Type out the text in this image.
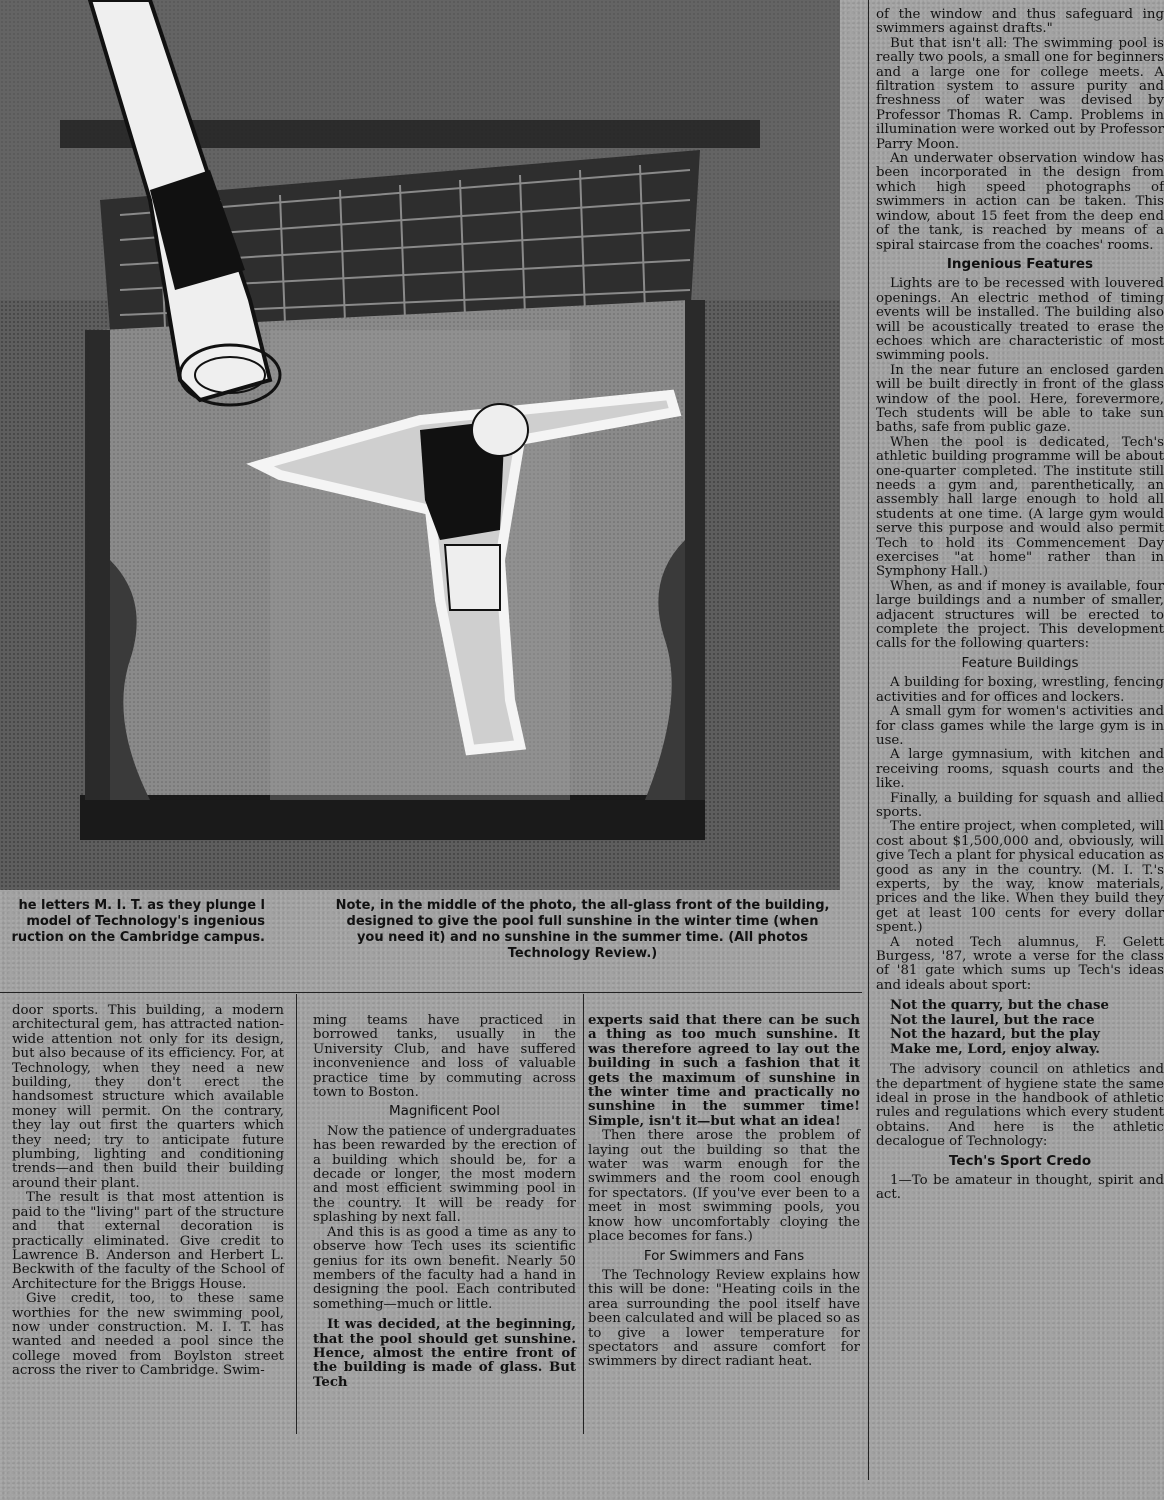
he letters M. I. T. as they plunge l model of Technology's ingenious ruction on the Cambridge campus.
Note, in the middle of the photo, the all-glass front of the building, designed to give the pool full sunshine in the winter time (when you need it) and no sunshine in the summer time. (All photos Technology Review.)

door sports. This building, a modern architectural gem, has attracted nation-wide attention not only for its design, but also because of its efficiency. For, at Technology, when they need a new building, they don't erect the handsomest structure which available money will permit. On the contrary, they lay out first the quarters which they need; try to anticipate future plumbing, lighting and conditioning trends—and then build their building around their plant.

The result is that most attention is paid to the "living" part of the structure and that external decoration is practically eliminated. Give credit to Lawrence B. Anderson and Herbert L. Beckwith of the faculty of the School of Architecture for the Briggs House.

Give credit, too, to these same worthies for the new swimming pool, now under construction. M. I. T. has wanted and needed a pool since the college moved from Boylston street across the river to Cambridge. Swim-

ming teams have practiced in borrowed tanks, usually in the University Club, and have suffered inconvenience and loss of valuable practice time by commuting across town to Boston.

Magnificent Pool

Now the patience of undergraduates has been rewarded by the erection of a building which should be, for a decade or longer, the most modern and most efficient swimming pool in the country. It will be ready for splashing by next fall.

And this is as good a time as any to observe how Tech uses its scientific genius for its own benefit. Nearly 50 members of the faculty had a hand in designing the pool. Each contributed something—much or little.

It was decided, at the beginning, that the pool should get sunshine. Hence, almost the entire front of the building is made of glass. But Tech

experts said that there can be such a thing as too much sunshine. It was therefore agreed to lay out the building in such a fashion that it gets the maximum of sunshine in the winter time and practically no sunshine in the summer time! Simple, isn't it—but what an idea!

Then there arose the problem of laying out the building so that the water was warm enough for the swimmers and the room cool enough for spectators. (If you've ever been to a meet in most swimming pools, you know how uncomfortably cloying the place becomes for fans.)

For Swimmers and Fans

The Technology Review explains how this will be done: "Heating coils in the area surrounding the pool itself have been calculated and will be placed so as to give a lower temperature for spectators and assure comfort for swimmers by direct radiant heat.

of the window and thus safeguard ing swimmers against drafts."

But that isn't all: The swimming pool is really two pools, a small one for beginners and a large one for college meets. A filtration system to assure purity and freshness of water was devised by Professor Thomas R. Camp. Problems in illumination were worked out by Professor Parry Moon.

An underwater observation window has been incorporated in the design from which high speed photographs of swimmers in action can be taken. This window, about 15 feet from the deep end of the tank, is reached by means of a spiral staircase from the coaches' rooms.

Ingenious Features

Lights are to be recessed with louvered openings. An electric method of timing events will be installed. The building also will be acoustically treated to erase the echoes which are characteristic of most swimming pools.

In the near future an enclosed garden will be built directly in front of the glass window of the pool. Here, forevermore, Tech students will be able to take sun baths, safe from public gaze.

When the pool is dedicated, Tech's athletic building programme will be about one-quarter completed. The institute still needs a gym and, parenthetically, an assembly hall large enough to hold all students at one time. (A large gym would serve this purpose and would also permit Tech to hold its Commencement Day exercises "at home" rather than in Symphony Hall.)

When, as and if money is available, four large buildings and a number of smaller, adjacent structures will be erected to complete the project. This development calls for the following quarters:

Feature Buildings

A building for boxing, wrestling, fencing activities and for offices and lockers.

A small gym for women's activities and for class games while the large gym is in use.

A large gymnasium, with kitchen and receiving rooms, squash courts and the like.

Finally, a building for squash and allied sports.

The entire project, when completed, will cost about $1,500,000 and, obviously, will give Tech a plant for physical education as good as any in the country. (M. I. T.'s experts, by the way, know materials, prices and the like. When they build they get at least 100 cents for every dollar spent.)

A noted Tech alumnus, F. Gelett Burgess, '87, wrote a verse for the class of '81 gate which sums up Tech's ideas and ideals about sport:

Not the quarry, but the chase
Not the laurel, but the race
Not the hazard, but the play
Make me, Lord, enjoy alway.

The advisory council on athletics and the department of hygiene state the same ideal in prose in the handbook of athletic rules and regulations which every student obtains. And here is the athletic decalogue of Technology:

Tech's Sport Credo

1—To be amateur in thought, spirit and act.
